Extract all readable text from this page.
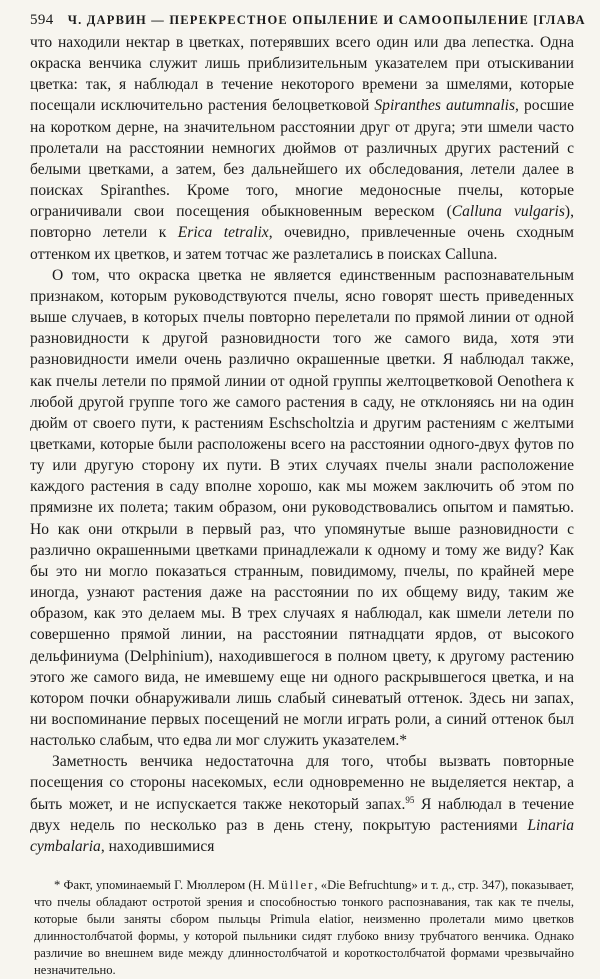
594 Ч. ДАРВИН — ПЕРЕКРЕСТНОЕ ОПЫЛЕНИЕ И САМООПЫЛЕНИЕ [ГЛАВА

что находили нектар в цветках, потерявших всего один или два лепестка. Одна окраска венчика служит лишь приблизительным указателем при отыскивании цветка: так, я наблюдал в течение некоторого времени за шмелями, которые посещали исключительно растения белоцветковой Spiranthes autumnalis, росшие на коротком дерне, на значительном расстоянии друг от друга; эти шмели часто пролетали на расстоянии немногих дюймов от различных других растений с белыми цветками, а затем, без дальнейшего их обследования, летели далее в поисках Spiranthes. Кроме того, многие медоносные пчелы, которые ограничивали свои посещения обыкновенным вереском (Calluna vulgaris), повторно летели к Erica tetralix, очевидно, привлеченные очень сходным оттенком их цветков, и затем тотчас же разлетались в поисках Calluna.

О том, что окраска цветка не является единственным распознавательным признаком, которым руководствуются пчелы, ясно говорят шесть приведенных выше случаев, в которых пчелы повторно перелетали по прямой линии от одной разновидности к другой разновидности того же самого вида, хотя эти разновидности имели очень различно окрашенные цветки. Я наблюдал также, как пчелы летели по прямой линии от одной группы желтоцветковой Oenothera к любой другой группе того же самого растения в саду, не отклоняясь ни на один дюйм от своего пути, к растениям Eschscholtzia и другим растениям с желтыми цветками, которые были расположены всего на расстоянии одного-двух футов по ту или другую сторону их пути. В этих случаях пчелы знали расположение каждого растения в саду вполне хорошо, как мы можем заключить об этом по прямизне их полета; таким образом, они руководствовались опытом и памятью. Но как они открыли в первый раз, что упомянутые выше разновидности с различно окрашенными цветками принадлежали к одному и тому же виду? Как бы это ни могло показаться странным, повидимому, пчелы, по крайней мере иногда, узнают растения даже на расстоянии по их общему виду, таким же образом, как это делаем мы. В трех случаях я наблюдал, как шмели летели по совершенно прямой линии, на расстоянии пятнадцати ярдов, от высокого дельфиниума (Delphinium), находившегося в полном цвету, к другому растению этого же самого вида, не имевшему еще ни одного раскрывшегося цветка, и на котором почки обнаруживали лишь слабый синеватый оттенок. Здесь ни запах, ни воспоминание первых посещений не могли играть роли, а синий оттенок был настолько слабым, что едва ли мог служить указателем.*

Заметность венчика недостаточна для того, чтобы вызвать повторные посещения со стороны насекомых, если одновременно не выделяется нектар, а быть может, и не испускается также некоторый запах.$^{95}$ Я наблюдал в течение двух недель по несколько раз в день стену, покрытую растениями Linaria cymbalaria, находившимися

* Факт, упоминаемый Г. Мюллером (H. Müller, «Die Befruchtung» и т. д., стр. 347), показывает, что пчелы обладают остротой зрения и способностью тонкого распознавания, так как те пчелы, которые были заняты сбором пыльцы Primula elatior, неизменно пролетали мимо цветков длинностолбчатой формы, у которой пыльники сидят глубоко внизу трубчатого венчика. Однако различие во внешнем виде между длинностолбчатой и короткостолбчатой формами чрезвычайно незначительно.
